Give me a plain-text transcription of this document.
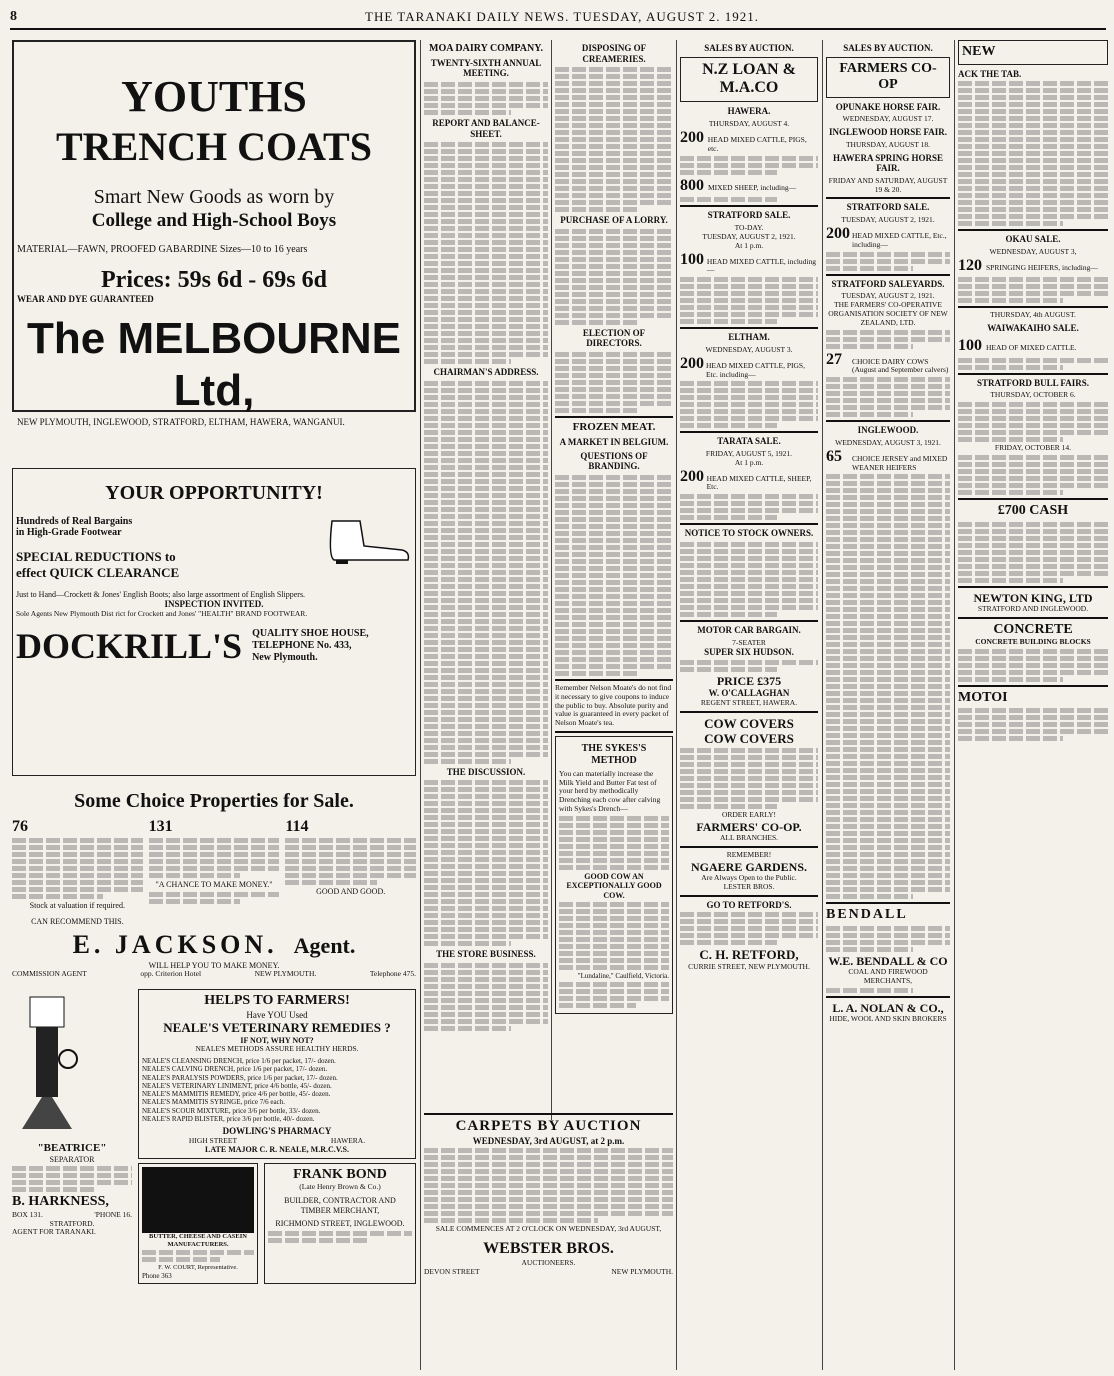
8	THE TARANAKI DAILY NEWS. TUESDAY, AUGUST 2. 1921.
YOUTHS
TRENCH COATS
Smart New Goods as worn by
College and High-School Boys
MATERIAL—FAWN, PROOFED GABARDINE Sizes—10 to 16 years
Prices: 59s 6d - 69s 6d
WEAR AND DYE GUARANTEED
The MELBOURNE Ltd,
NEW PLYMOUTH, INGLEWOOD, STRATFORD, ELTHAM, HAWERA, WANGANUI.
YOUR OPPORTUNITY!
Hundreds of Real Bargains
in High-Grade Footwear
SPECIAL REDUCTIONS to
effect QUICK CLEARANCE
Just to Hand—Crockett & Jones' English Boots; also large assortment of English Slippers.
INSPECTION INVITED.
Sole Agents New Plymouth Dist rict for Crockett and Jones' "HEALTH" BRAND FOOTWEAR.
DOCKRILL'S QUALITY SHOE HOUSE,
TELEPHONE No. 433,
New Plymouth.
Some Choice Properties for Sale.
76
Stock at valuation if required.
CAN RECOMMEND THIS.
131
"A CHANCE TO MAKE MONEY."
114
GOOD AND GOOD.
E. JACKSON. Agent.
WILL HELP YOU TO MAKE MONEY.
COMMISSION AGENT	opp. Criterion Hotel	NEW PLYMOUTH.	Telephone 475.
"BEATRICE"
SEPARATOR
B. HARKNESS,
BOX 131.	'PHONE 16.
STRATFORD.
AGENT FOR TARANAKI.
HELPS TO FARMERS!
Have YOU Used
NEALE'S VETERINARY REMEDIES ?
IF NOT, WHY NOT?
NEALE'S METHODS ASSURE HEALTHY HERDS.
NEALE'S CLEANSING DRENCH, price 1/6 per packet, 17/- dozen.
NEALE'S CALVING DRENCH, price 1/6 per packet, 17/- dozen.
NEALE'S PARALYSIS POWDERS, price 1/6 per packet, 17/- dozen.
NEALE'S VETERINARY LINIMENT, price 4/6 bottle, 45/- dozen.
NEALE'S MAMMITIS REMEDY, price 4/6 per bottle, 45/- dozen.
NEALE'S MAMMITIS SYRINGE, price 7/6 each.
NEALE'S SCOUR MIXTURE, price 3/6 per bottle, 33/- dozen.
NEALE'S RAPID BLISTER, price 3/6 per bottle, 40/- dozen.
DOWLING'S PHARMACY
HIGH STREET	HAWERA.
LATE MAJOR C. R. NEALE, M.R.C.V.S.
BUTTER, CHEESE AND CASEIN MANUFACTURERS.
F. W. COURT, Representative.
Phone 363
FRANK BOND
(Late Henry Brown & Co.)
BUILDER, CONTRACTOR AND
TIMBER MERCHANT,
RICHMOND STREET, INGLEWOOD.
MOA DAIRY COMPANY.
TWENTY-SIXTH ANNUAL MEETING.
REPORT AND BALANCE-SHEET.
CHAIRMAN'S ADDRESS.
THE DISCUSSION.
THE STORE BUSINESS.
DISPOSING OF CREAMERIES.
PURCHASE OF A LORRY.
ELECTION OF DIRECTORS.
FROZEN MEAT.
A MARKET IN BELGIUM.
QUESTIONS OF BRANDING.
Remember Nelson Moate's do not find it necessary to give coupons to induce the public to buy. Absolute purity and value is guaranteed in every packet of Nelson Moate's tea.
THE SYKES'S METHOD
You can materially increase the Milk Yield and Butter Fat test of your herd by methodically Drenching each cow after calving with Sykes's Drench—
GOOD COW AN EXCEPTIONALLY GOOD COW.
"Lundaline," Caulfield, Victoria.
CARPETS BY AUCTION
WEDNESDAY, 3rd AUGUST, at 2 p.m.
SALE COMMENCES AT 2 O'CLOCK ON WEDNESDAY, 3rd AUGUST,
WEBSTER BROS.
AUCTIONEERS.
DEVON STREET	NEW PLYMOUTH.
SALES BY AUCTION.
N.Z LOAN & M.A.CO
HAWERA.
THURSDAY, AUGUST 4.
200 HEAD MIXED CATTLE, PIGS, etc.
800 MIXED SHEEP, including—
STRATFORD SALE.
TO-DAY.
TUESDAY, AUGUST 2, 1921.
At 1 p.m.
100 HEAD MIXED CATTLE, including—
ELTHAM.
WEDNESDAY, AUGUST 3.
200 HEAD MIXED CATTLE, PIGS, Etc. including—
TARATA SALE.
FRIDAY, AUGUST 5, 1921.
At 1 p.m.
200 HEAD MIXED CATTLE, SHEEP, Etc.
NOTICE TO STOCK OWNERS.
MOTOR CAR BARGAIN.
7-SEATER
SUPER SIX HUDSON.
PRICE £375
W. O'CALLAGHAN
REGENT STREET, HAWERA.
COW COVERS
COW COVERS
ORDER EARLY!
FARMERS' CO-OP.
ALL BRANCHES.
REMEMBER!
NGAERE GARDENS.
Are Always Open to the Public.
LESTER BROS.
GO TO RETFORD'S.
C. H. RETFORD,
CURRIE STREET, NEW PLYMOUTH.
SALES BY AUCTION.
FARMERS CO-OP
OPUNAKE HORSE FAIR.
WEDNESDAY, AUGUST 17.
INGLEWOOD HORSE FAIR.
THURSDAY, AUGUST 18.
HAWERA SPRING HORSE FAIR.
FRIDAY AND SATURDAY, AUGUST 19 & 20.
STRATFORD SALE.
TUESDAY, AUGUST 2, 1921.
200 HEAD MIXED CATTLE, Etc., including—
STRATFORD SALEYARDS.
TUESDAY, AUGUST 2, 1921.
THE FARMERS' CO-OPERATIVE ORGANISATION SOCIETY OF NEW ZEALAND, LTD.
27	CHOICE DAIRY COWS (August and September calvers)
INGLEWOOD.
WEDNESDAY, AUGUST 3, 1921.
65	CHOICE JERSEY and MIXED WEANER HEIFERS
BENDALL
W.E. BENDALL & CO
COAL AND FIREWOOD MERCHANTS,
L. A. NOLAN & CO.,
HIDE, WOOL AND SKIN BROKERS
NEW
ACK THE TAB.
OKAU SALE.
WEDNESDAY, AUGUST 3,
120 SPRINGING HEIFERS, including—
THURSDAY, 4th AUGUST.
WAIWAKAIHO SALE.
100 HEAD OF MIXED CATTLE.
STRATFORD BULL FAIRS.
THURSDAY, OCTOBER 6.
FRIDAY, OCTOBER 14.
£700 CASH
NEWTON KING, LTD
STRATFORD AND INGLEWOOD.
CONCRETE
CONCRETE BUILDING BLOCKS
MOTOI
